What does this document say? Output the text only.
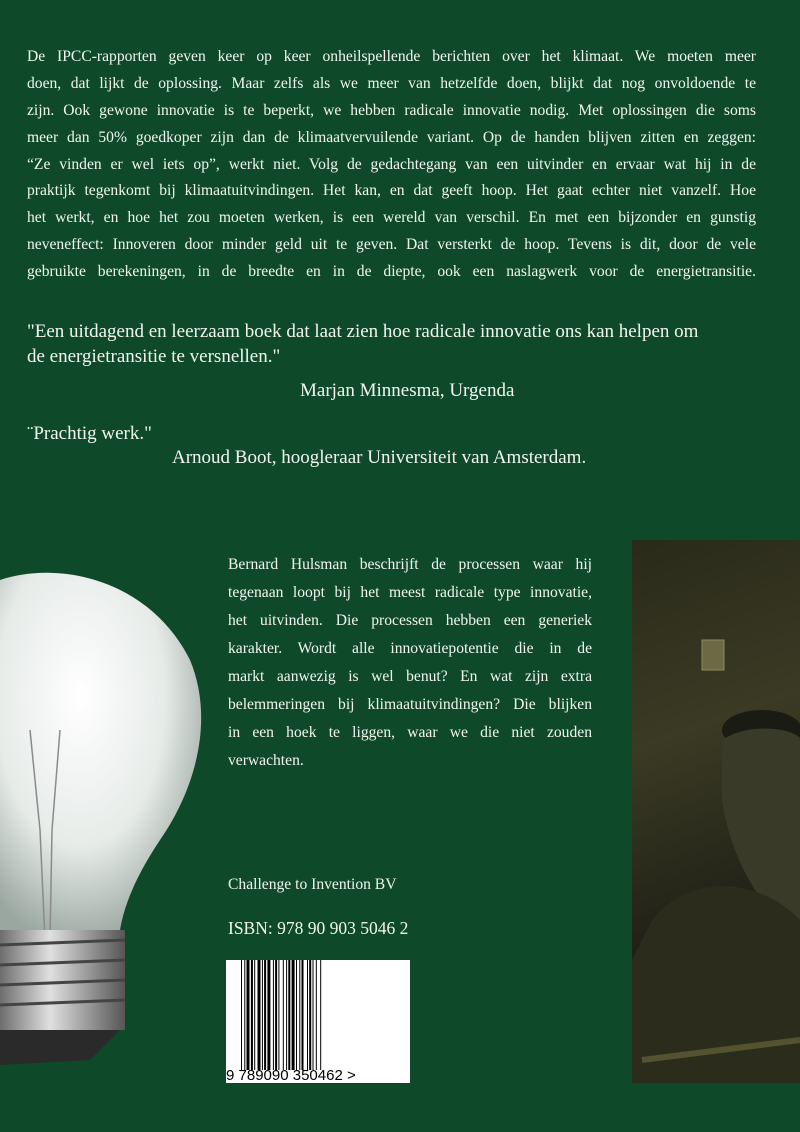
De IPCC-rapporten geven keer op keer onheilspellende berichten over het klimaat. We moeten meer
doen, dat lijkt de oplossing. Maar zelfs als we meer van hetzelfde doen, blijkt dat nog onvoldoende te
zijn. Ook gewone innovatie is te beperkt, we hebben radicale innovatie nodig. Met oplossingen die soms
meer dan 50% goedkoper zijn dan de klimaatvervuilende variant. Op de handen blijven zitten en zeggen:
“Ze vinden er wel iets op”, werkt niet. Volg de gedachtegang van een uitvinder en ervaar wat hij in de
praktijk tegenkomt bij klimaatuitvindingen. Het kan, en dat geeft hoop. Het gaat echter niet vanzelf. Hoe
het werkt, en hoe het zou moeten werken, is een wereld van verschil. En met een bijzonder en gunstig
neveneffect: Innoveren door minder geld uit te geven. Dat versterkt de hoop. Tevens is dit, door de vele
gebruikte berekeningen, in de breedte en in de diepte, ook een naslagwerk voor de energietransitie.
"Een uitdagend en leerzaam boek dat laat zien hoe radicale innovatie ons kan helpen om
de energietransitie te versnellen."
Marjan Minnesma, Urgenda
¨Prachtig werk."
Arnoud Boot, hoogleraar Universiteit van Amsterdam.
Bernard Hulsman beschrijft de processen waar hij
tegenaan loopt bij het meest radicale type innovatie,
het uitvinden. Die processen hebben een generiek
karakter. Wordt alle innovatiepotentie die in de
markt aanwezig is wel benut? En wat zijn extra
belemmeringen bij klimaatuitvindingen? Die blijken
in een hoek te liggen, waar we die niet zouden
verwachten.
Challenge to Invention BV
ISBN: 978 90 903 5046 2
9 789090 350462 >
